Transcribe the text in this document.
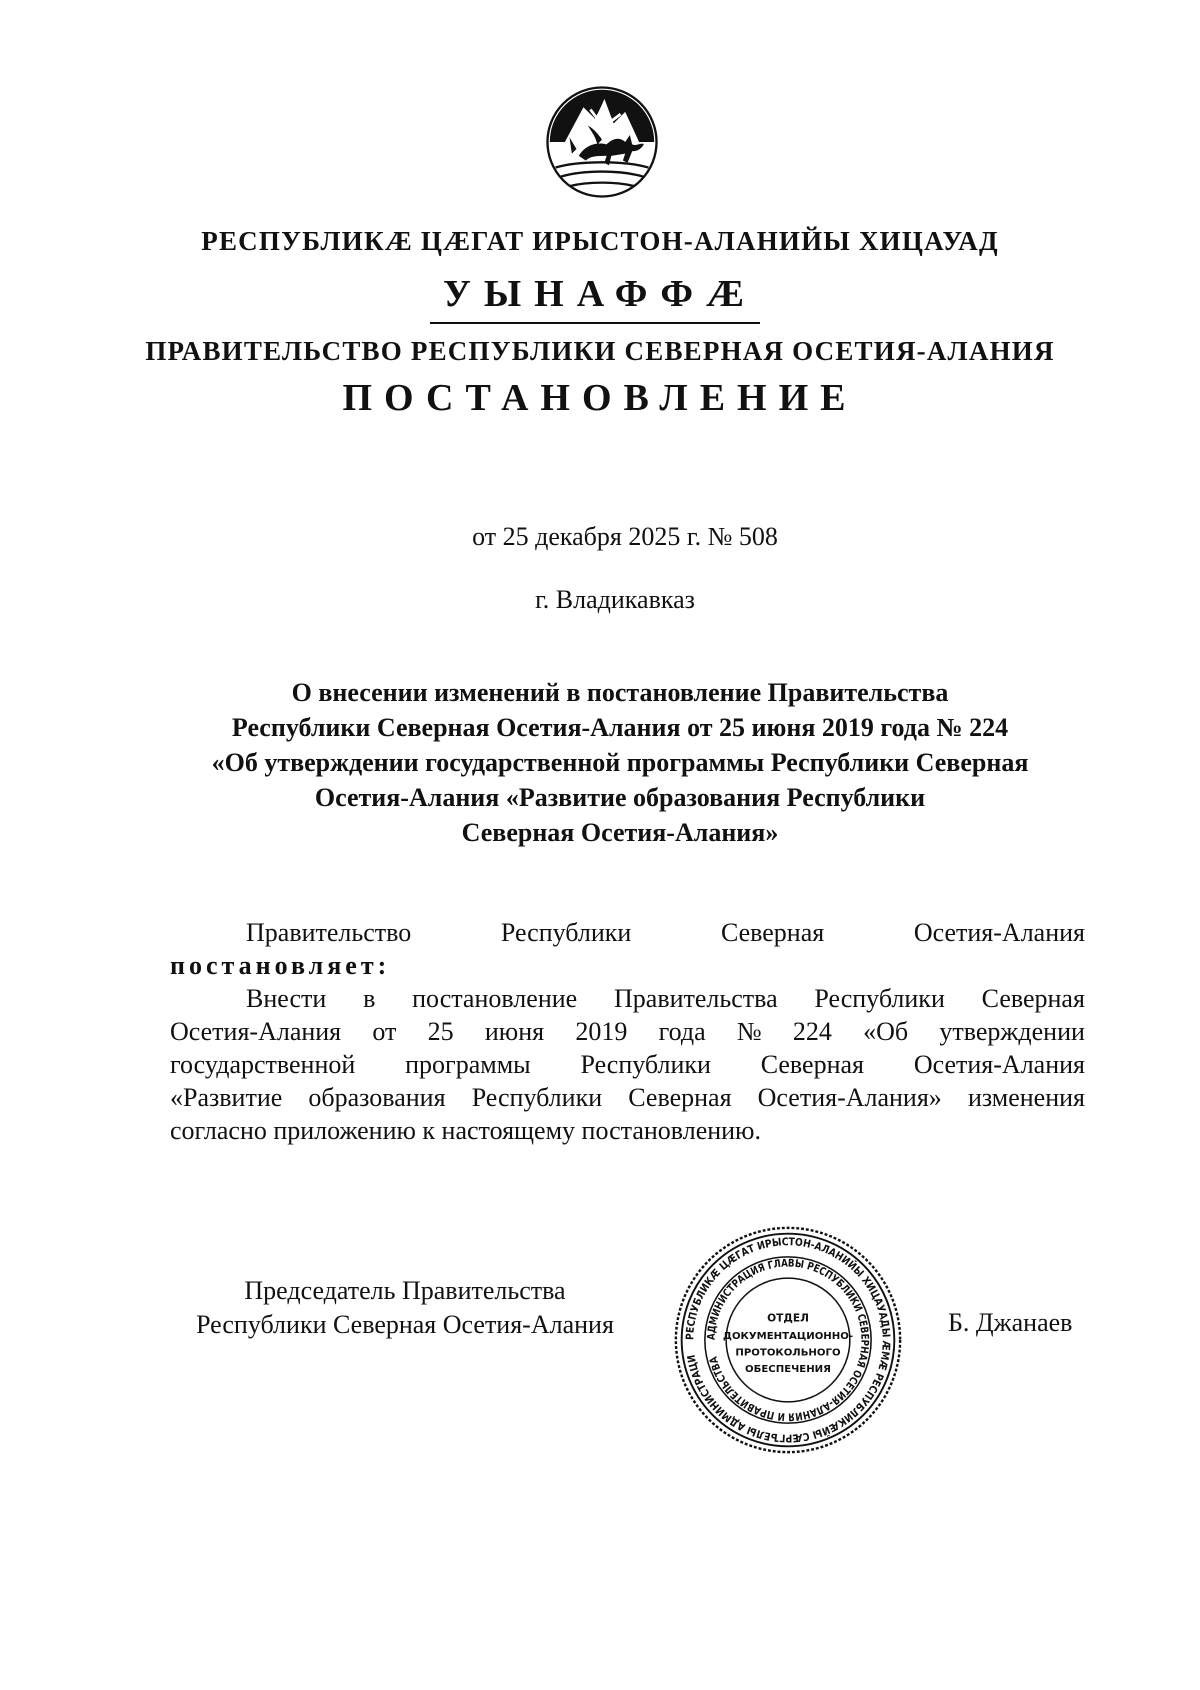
РЕСПУБЛИКӔ ЦӔГАТ ИРЫСТОН-АЛАНИЙЫ ХИЦАУАД
УЫНАФФӔ
ПРАВИТЕЛЬСТВО РЕСПУБЛИКИ СЕВЕРНАЯ ОСЕТИЯ-АЛАНИЯ
ПОСТАНОВЛЕНИЕ
от 25 декабря 2025 г. № 508
г. Владикавказ
О внесении изменений в постановление Правительства
Республики Северная Осетия-Алания от 25 июня 2019 года № 224
«Об утверждении государственной программы Республики Северная
Осетия-Алания «Развитие образования Республики
Северная Осетия-Алания»
Правительство	Республики	Северная	Осетия-Алания
постановляет:
Внести в постановление Правительства Республики Северная
Осетия-Алания от 25 июня 2019 года № 224 «Об утверждении
государственной программы Республики Северная Осетия-Алания
«Развитие образования Республики Северная Осетия-Алания» изменения
согласно приложению к настоящему постановлению.
Председатель Правительства
Республики Северная Осетия-Алания	Б. Джанаев
РЕСПУБЛИКӔ ЦӔГАТ ИРЫСТОН-АЛАНИЙЫ ХИЦАУАДЫ ӔМӔ РЕСПУБЛИКӔЙЫ СӔРГЪЕЛЫ АДМИНИСТРАЦИ
АДМИНИСТРАЦИЯ ГЛАВЫ РЕСПУБЛИКИ СЕВЕРНАЯ ОСЕТИЯ-АЛАНИЯ И ПРАВИТЕЛЬСТВА
ОТДЕЛ
ДОКУМЕНТАЦИОННО-
ПРОТОКОЛЬНОГО
ОБЕСПЕЧЕНИЯ
